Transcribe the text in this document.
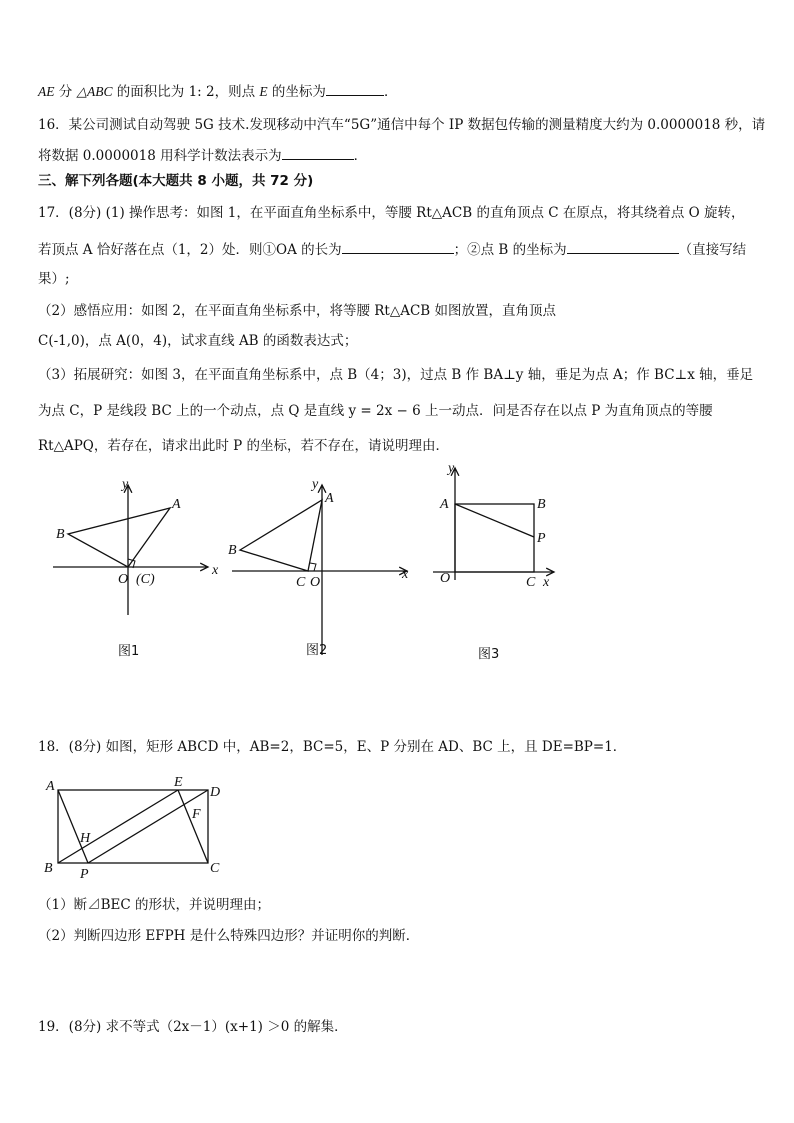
AE 分 △ABC 的面积比为 1: 2，则点 E 的坐标为	．
16．某公司测试自动驾驶 5G 技术.发现移动中汽车“5G”通信中每个 IP 数据包传输的测量精度大约为 0.0000018 秒，请
将数据 0.0000018 用科学计数法表示为	．
三、解下列各题(本大题共 8 小题，共 72 分)
17．(8分) (1) 操作思考：如图 1，在平面直角坐标系中，等腰 Rt△ACB 的直角顶点 C 在原点，将其绕着点 O 旋转，
若顶点 A 恰好落在点（1，2）处．则①OA 的长为	；②点 B 的坐标为	（直接写结
果）;
（2）感悟应用：如图 2，在平面直角坐标系中，将等腰 Rt△ACB 如图放置，直角顶点
C(-1,0)，点 A(0，4)，试求直线 AB 的函数表达式；
（3）拓展研究：如图 3，在平面直角坐标系中，点 B（4；3)，过点 B 作 BA⊥y 轴，垂足为点 A；作 BC⊥x 轴，垂足
为点 C，P 是线段 BC 上的一个动点，点 Q 是直线 y = 2x − 6 上一动点．问是否存在以点 P 为直角顶点的等腰
Rt△APQ，若存在，请求出此时 P 的坐标，若不存在，请说明理由．
y
A
B
O (C)
x
图1
y
A
B
C O
x
图2
y
A	B
P
O	C x
图3
18．(8分) 如图，矩形 ABCD 中，AB=2，BC=5，E、P 分别在 AD、BC 上，且 DE=BP=1．
A	E
D
F
H
B P	C
（1）断⊿BEC 的形状，并说明理由；
（2）判断四边形 EFPH 是什么特殊四边形？并证明你的判断．
19．(8分) 求不等式（2x－1）(x+1) ＞0 的解集．
